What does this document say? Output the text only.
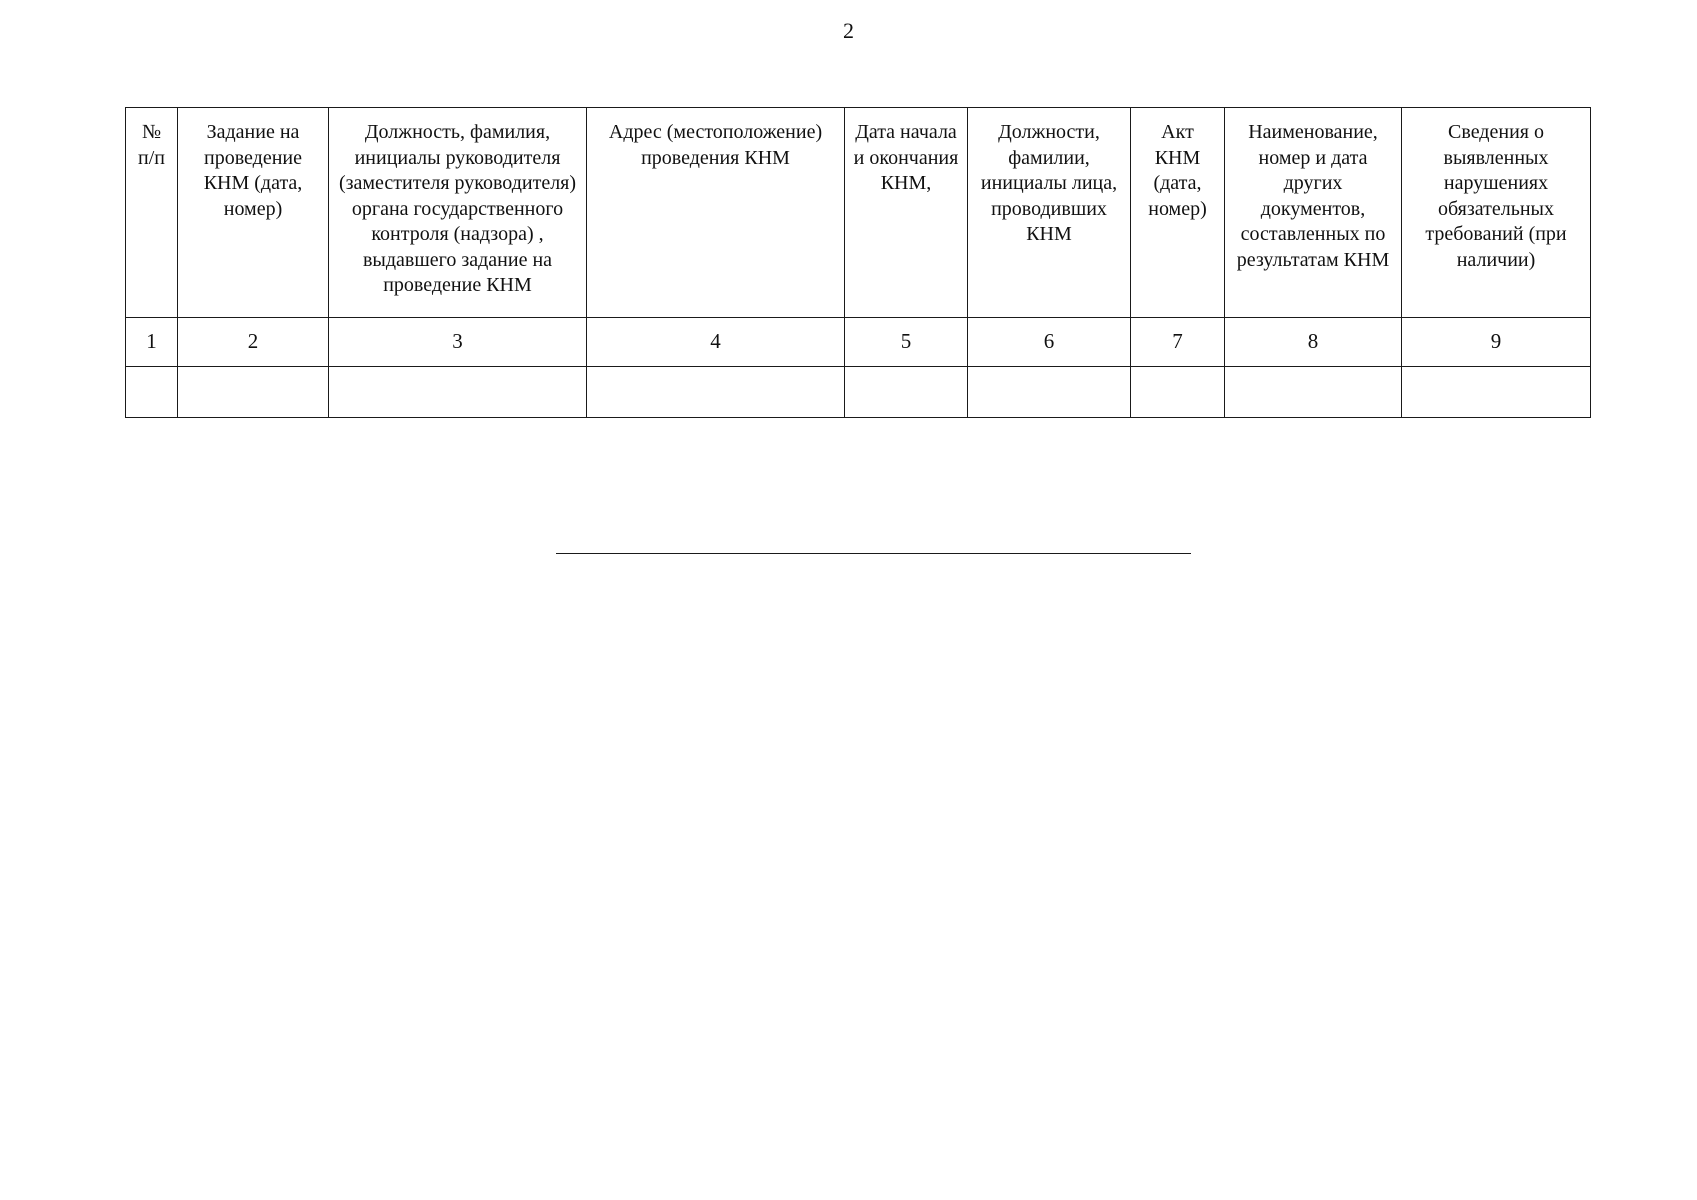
2
№ п/п	Задание на проведение КНМ (дата, номер)	Должность, фамилия, инициалы руководителя (заместителя руководителя) органа государственного контроля (надзора) , выдавшего задание на проведение КНМ	Адрес (местоположение) проведения КНМ	Дата начала и окончания КНМ,	Должности, фамилии, инициалы лица, проводивших КНМ	Акт КНМ (дата, номер)	Наименование, номер и дата других документов, составленных по результатам КНМ	Сведения о выявленных нарушениях обязательных требований (при наличии)
1	2	3	4	5	6	7	8	9
